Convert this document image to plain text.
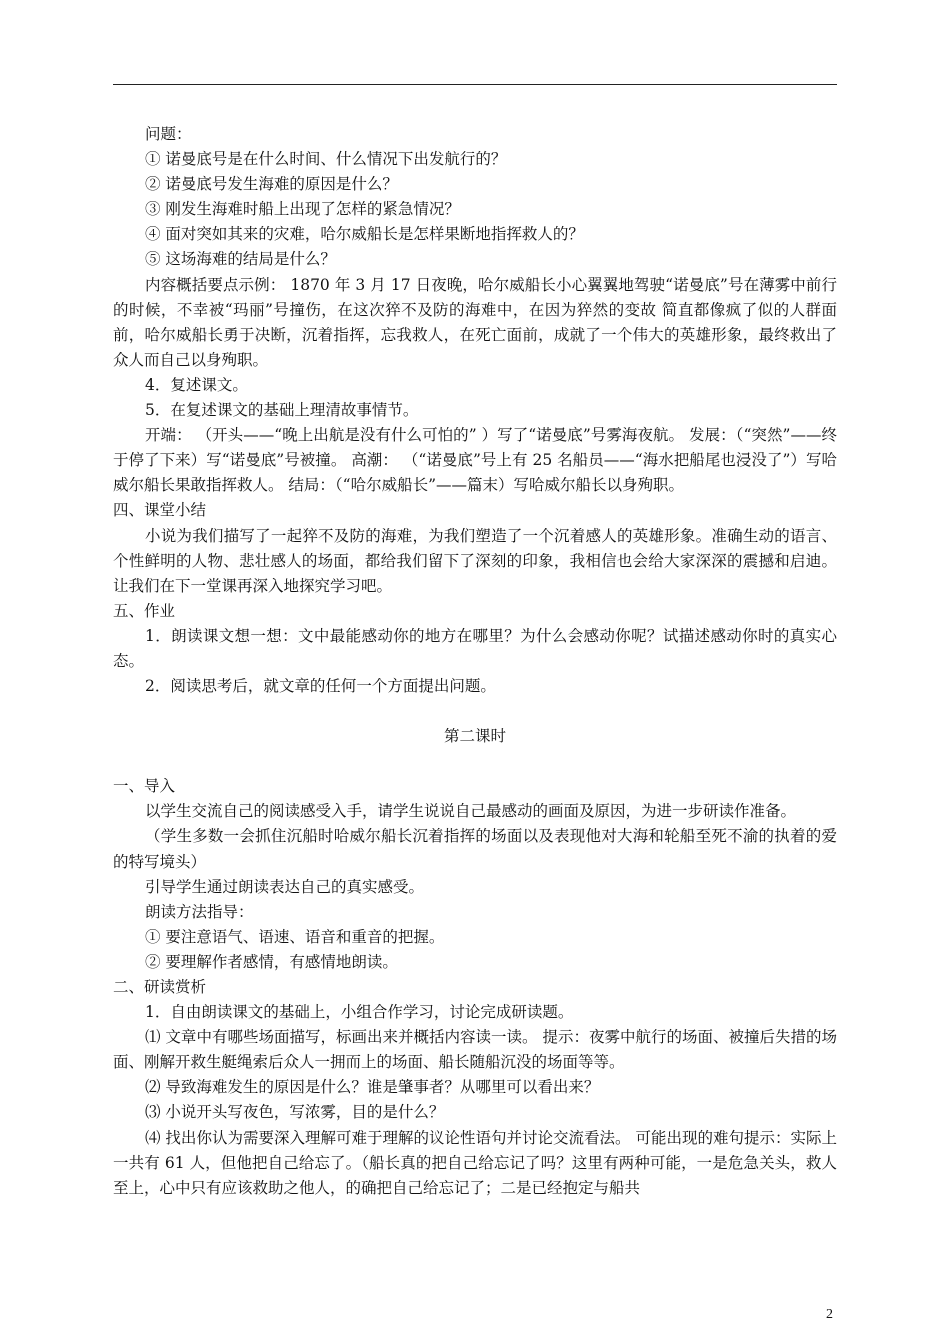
问题：

① 诺曼底号是在什么时间、什么情况下出发航行的？

② 诺曼底号发生海难的原因是什么？

③ 刚发生海难时船上出现了怎样的紧急情况？

④ 面对突如其来的灾难，哈尔威船长是怎样果断地指挥救人的？

⑤ 这场海难的结局是什么？

内容概括要点示例： 1870 年 3 月 17 日夜晚，哈尔威船长小心翼翼地驾驶“诺曼底”号在薄雾中前行的时候，不幸被“玛丽”号撞伤，在这次猝不及防的海难中，在因为猝然的变故 简直都像疯了似的人群面前，哈尔威船长勇于决断，沉着指挥，忘我救人，在死亡面前，成就了一个伟大的英雄形象，最终救出了众人而自己以身殉职。

4．复述课文。

5．在复述课文的基础上理清故事情节。

开端： （开头——“晚上出航是没有什么可怕的” ）写了“诺曼底”号雾海夜航。 发展：（“突然”——终于停了下来）写“诺曼底”号被撞。 高潮： （“诺曼底”号上有 25 名船员——“海水把船尾也浸没了”）写哈威尔船长果敢指挥救人。 结局：（“哈尔威船长”——篇末）写哈威尔船长以身殉职。

四、课堂小结

小说为我们描写了一起猝不及防的海难，为我们塑造了一个沉着感人的英雄形象。准确生动的语言、个性鲜明的人物、悲壮感人的场面，都给我们留下了深刻的印象，我相信也会给大家深深的震撼和启迪。让我们在下一堂课再深入地探究学习吧。

五、作业

1．朗读课文想一想：文中最能感动你的地方在哪里？为什么会感动你呢？试描述感动你时的真实心态。

2．阅读思考后，就文章的任何一个方面提出问题。

第二课时

一、导入

以学生交流自己的阅读感受入手，请学生说说自己最感动的画面及原因，为进一步研读作准备。

（学生多数一会抓住沉船时哈威尔船长沉着指挥的场面以及表现他对大海和轮船至死不渝的执着的爱的特写境头）

引导学生通过朗读表达自己的真实感受。

朗读方法指导：

① 要注意语气、语速、语音和重音的把握。

② 要理解作者感情，有感情地朗读。

二、研读赏析

1．自由朗读课文的基础上，小组合作学习，讨论完成研读题。

⑴ 文章中有哪些场面描写，标画出来并概括内容读一读。 提示：夜雾中航行的场面、被撞后失措的场面、刚解开救生艇绳索后众人一拥而上的场面、船长随船沉没的场面等等。

⑵ 导致海难发生的原因是什么？谁是肇事者？从哪里可以看出来？

⑶ 小说开头写夜色，写浓雾，目的是什么？

⑷ 找出你认为需要深入理解可难于理解的议论性语句并讨论交流看法。 可能出现的难句提示：实际上一共有 61 人，但他把自己给忘了。（船长真的把自己给忘记了吗？这里有两种可能，一是危急关头，救人至上，心中只有应该救助之他人，的确把自己给忘记了；二是已经抱定与船共

2
